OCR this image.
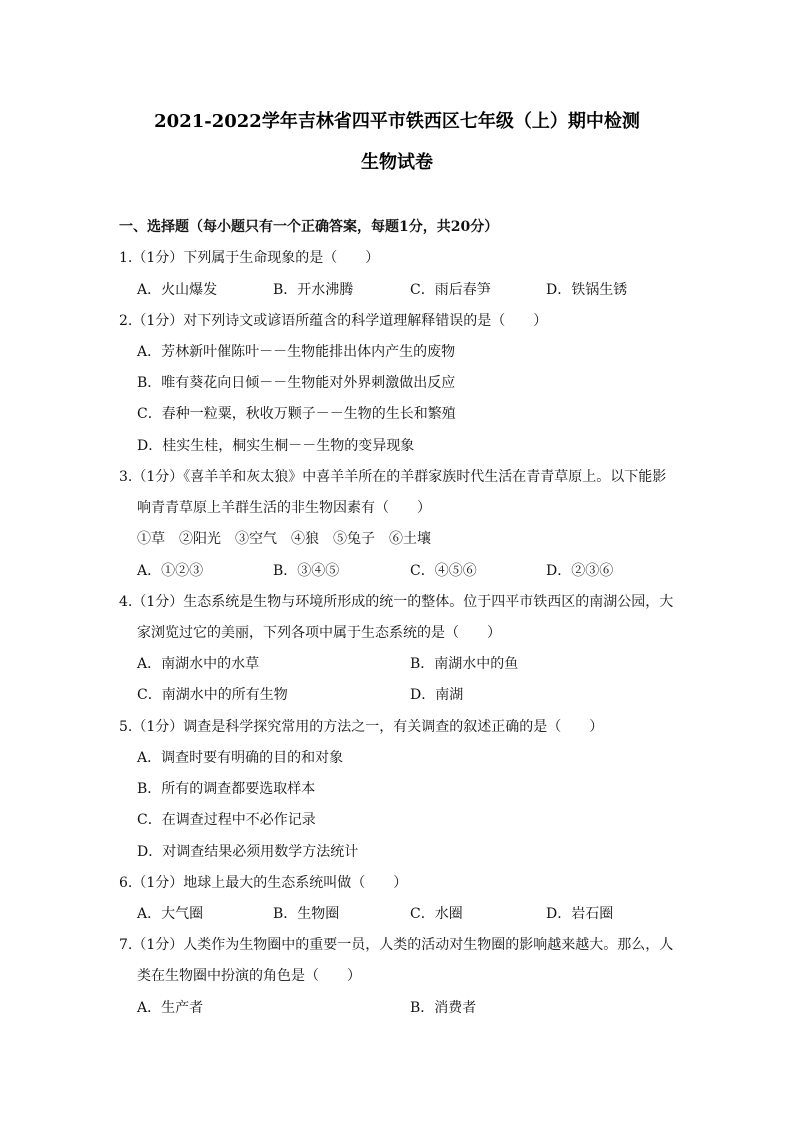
2021-2022学年吉林省四平市铁西区七年级（上）期中检测
生物试卷
一、选择题（每小题只有一个正确答案，每题1分，共20分）
1.（1分）下列属于生命现象的是（　　）
A．火山爆发	B．开水沸腾	C．雨后春笋	D．铁锅生锈
2.（1分）对下列诗文或谚语所蕴含的科学道理解释错误的是（　　）
A．芳林新叶催陈叶－－生物能排出体内产生的废物
B．唯有葵花向日倾－－生物能对外界刺激做出反应
C．春种一粒粟，秋收万颗子－－生物的生长和繁殖
D．桂实生桂，桐实生桐－－生物的变异现象
3.（1分）《喜羊羊和灰太狼》中喜羊羊所在的羊群家族时代生活在青青草原上。以下能影
响青青草原上羊群生活的非生物因素有（　　）
①草　②阳光　③空气　④狼　⑤兔子　⑥土壤
A．①②③	B．③④⑤	C．④⑤⑥	D．②③⑥
4.（1分）生态系统是生物与环境所形成的统一的整体。位于四平市铁西区的南湖公园，大
家浏览过它的美丽，下列各项中属于生态系统的是（　　）
A．南湖水中的水草	B．南湖水中的鱼
C．南湖水中的所有生物	D．南湖
5.（1分）调查是科学探究常用的方法之一，有关调查的叙述正确的是（　　）
A．调查时要有明确的目的和对象
B．所有的调查都要选取样本
C．在调查过程中不必作记录
D．对调查结果必须用数学方法统计
6.（1分）地球上最大的生态系统叫做（　　）
A．大气圈	B．生物圈	C．水圈	D．岩石圈
7.（1分）人类作为生物圈中的重要一员，人类的活动对生物圈的影响越来越大。那么，人
类在生物圈中扮演的角色是（　　）
A．生产者	B．消费者
